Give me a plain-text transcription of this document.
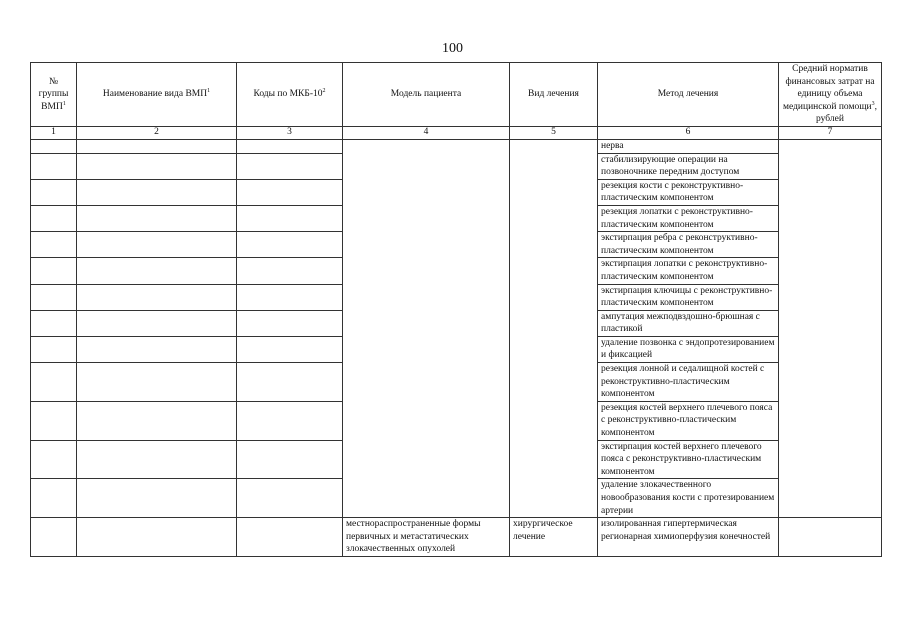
100
№ группы ВМП$^1$	Наименование вида ВМП$^1$	Коды по МКБ-$10^2$	Модель пациента	Вид лечения	Метод лечения	Средний норматив финансовых затрат на единицу объема медицинской помощи$^3$, рублей
1	2	3	4	5	6	7
					нерва	
					стабилизирующие операции на позвоночнике передним доступом	
					резекция кости с реконструктивно-пластическим компонентом	
					резекция лопатки с реконструктивно-пластическим компонентом	
					экстирпация ребра с реконструктивно-пластическим компонентом	
					экстирпация лопатки с реконструктивно-пластическим компонентом	
					экстирпация ключицы с реконструктивно-пластическим компонентом	
					ампутация межподвздошно-брюшная с пластикой	
					удаление позвонка с эндопротезированием и фиксацией	
					резекция лонной и седалищной костей с реконструктивно-пластическим компонентом	
					резекция костей верхнего плечевого пояса с реконструктивно-пластическим компонентом	
					экстирпация костей верхнего плечевого пояса с реконструктивно-пластическим компонентом	
					удаление злокачественного новообразования кости с протезированием артерии	
			местнораспространенные формы первичных и метастатических злокачественных опухолей	хирургическое лечение	изолированная гипертермическая регионарная химиоперфузия конечностей	
